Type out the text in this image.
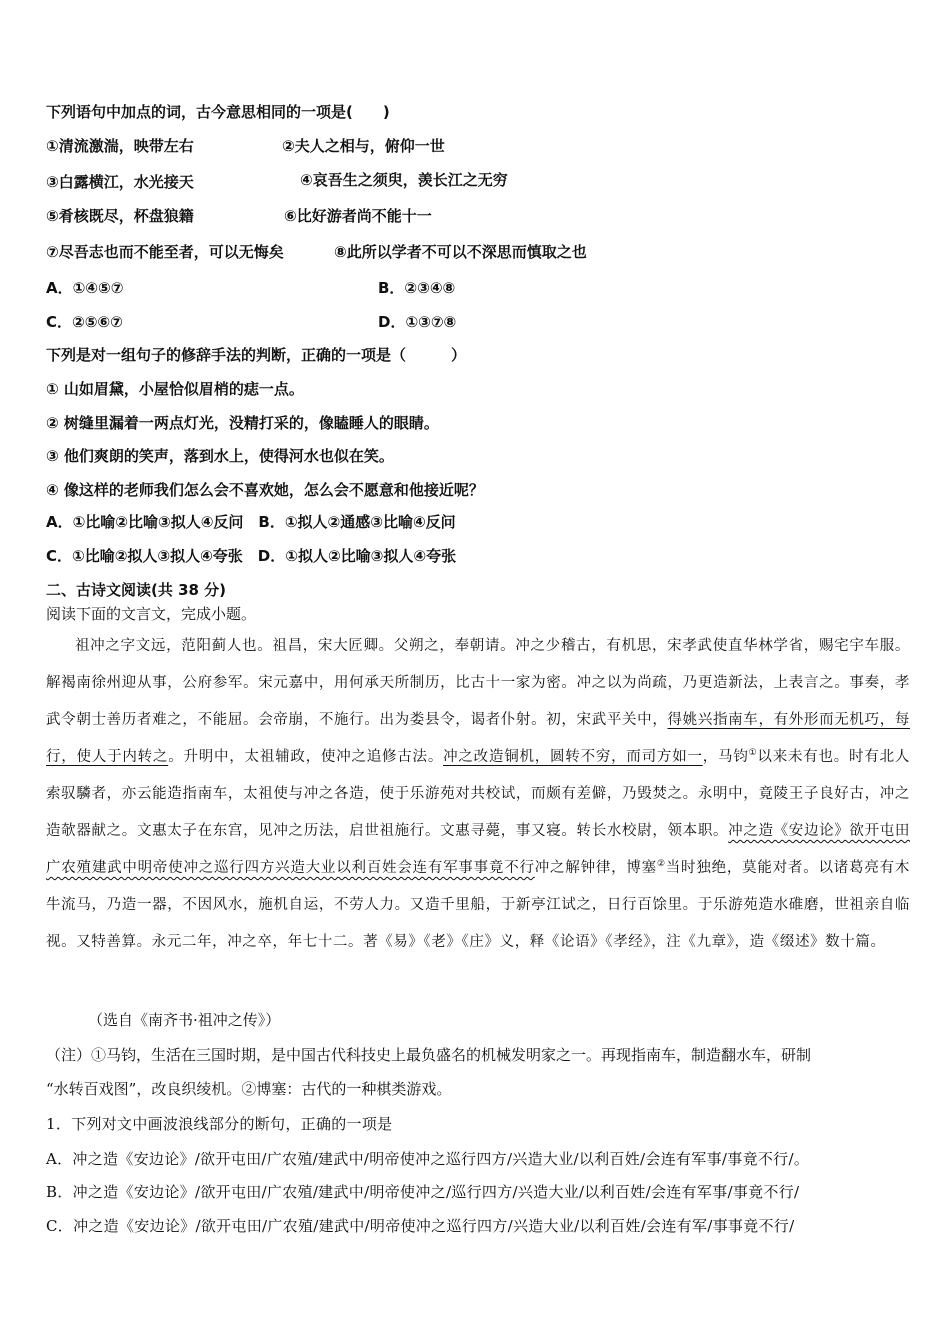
下列语句中加点的词，古今意思相同的一项是(　　)
①清流激湍，映带左右	②夫人之相与，俯仰一世
③白露横江，水光接天	④哀吾生之须臾，羡长江之无穷
⑤肴核既尽，杯盘狼籍	⑥比好游者尚不能十一
⑦尽吾志也而不能至者，可以无悔矣	⑧此所以学者不可以不深思而慎取之也
A．①④⑤⑦	B．②③④⑧
C．②⑤⑥⑦	D．①③⑦⑧
下列是对一组句子的修辞手法的判断，正确的一项是（　　　）
① 山如眉黛，小屋恰似眉梢的痣一点。
② 树缝里漏着一两点灯光，没精打采的，像瞌睡人的眼睛。
③ 他们爽朗的笑声，落到水上，使得河水也似在笑。
④ 像这样的老师我们怎么会不喜欢她，怎么会不愿意和他接近呢？
A．①比喻②比喻③拟人④反问　B．①拟人②通感③比喻④反问
C．①比喻②拟人③拟人④夸张　D．①拟人②比喻③拟人④夸张
二、古诗文阅读(共 38 分)
阅读下面的文言文，完成小题。

祖冲之字文远，范阳蓟人也。祖昌，宋大匠卿。父朔之，奉朝请。冲之少稽古，有机思，宋孝武使直华林学省，赐宅宇车服。解褐南徐州迎从事，公府参军。宋元嘉中，用何承天所制历，比古十一家为密。冲之以为尚疏，乃更造新法，上表言之。事奏，孝武令朝士善历者难之，不能屈。会帝崩，不施行。出为娄县令，谒者仆射。初，宋武平关中，得姚兴指南车，有外形而无机巧，每行，使人于内转之。升明中，太祖辅政，使冲之追修古法。冲之改造铜机，圆转不穷，而司方如一，马钧①以来未有也。时有北人索驭驎者，亦云能造指南车，太祖使与冲之各造，使于乐游苑对共校试，而颇有差僻，乃毁焚之。永明中，竟陵王子良好古，冲之造欹器献之。文惠太子在东宫，见冲之历法，启世祖施行。文惠寻薨，事又寝。转长水校尉，领本职。冲之造《安边论》欲开屯田广农殖建武中明帝使冲之巡行四方兴造大业以利百姓会连有军事事竟不行冲之解钟律，博塞②当时独绝，莫能对者。以诸葛亮有木牛流马，乃造一器，不因风水，施机自运，不劳人力。又造千里船，于新亭江试之，日行百馀里。于乐游苑造水碓磨，世祖亲自临视。又特善算。永元二年，冲之卒，年七十二。著《易》《老》《庄》义，释《论语》《孝经》，注《九章》，造《缀述》数十篇。

（选自《南齐书·祖冲之传》）
（注）①马钧，生活在三国时期，是中国古代科技史上最负盛名的机械发明家之一。再现指南车，制造翻水车，研制
“水转百戏图”，改良织绫机。②博塞：古代的一种棋类游戏。
1．下列对文中画波浪线部分的断句，正确的一项是
A．冲之造《安边论》/欲开屯田/广农殖/建武中/明帝使冲之巡行四方/兴造大业/以利百姓/会连有军事/事竟不行/。
B．冲之造《安边论》/欲开屯田/广农殖/建武中/明帝使冲之/巡行四方/兴造大业/以利百姓/会连有军事/事竟不行/
C．冲之造《安边论》/欲开屯田/广农殖/建武中/明帝使冲之巡行四方/兴造大业/以利百姓/会连有军/事事竟不行/
